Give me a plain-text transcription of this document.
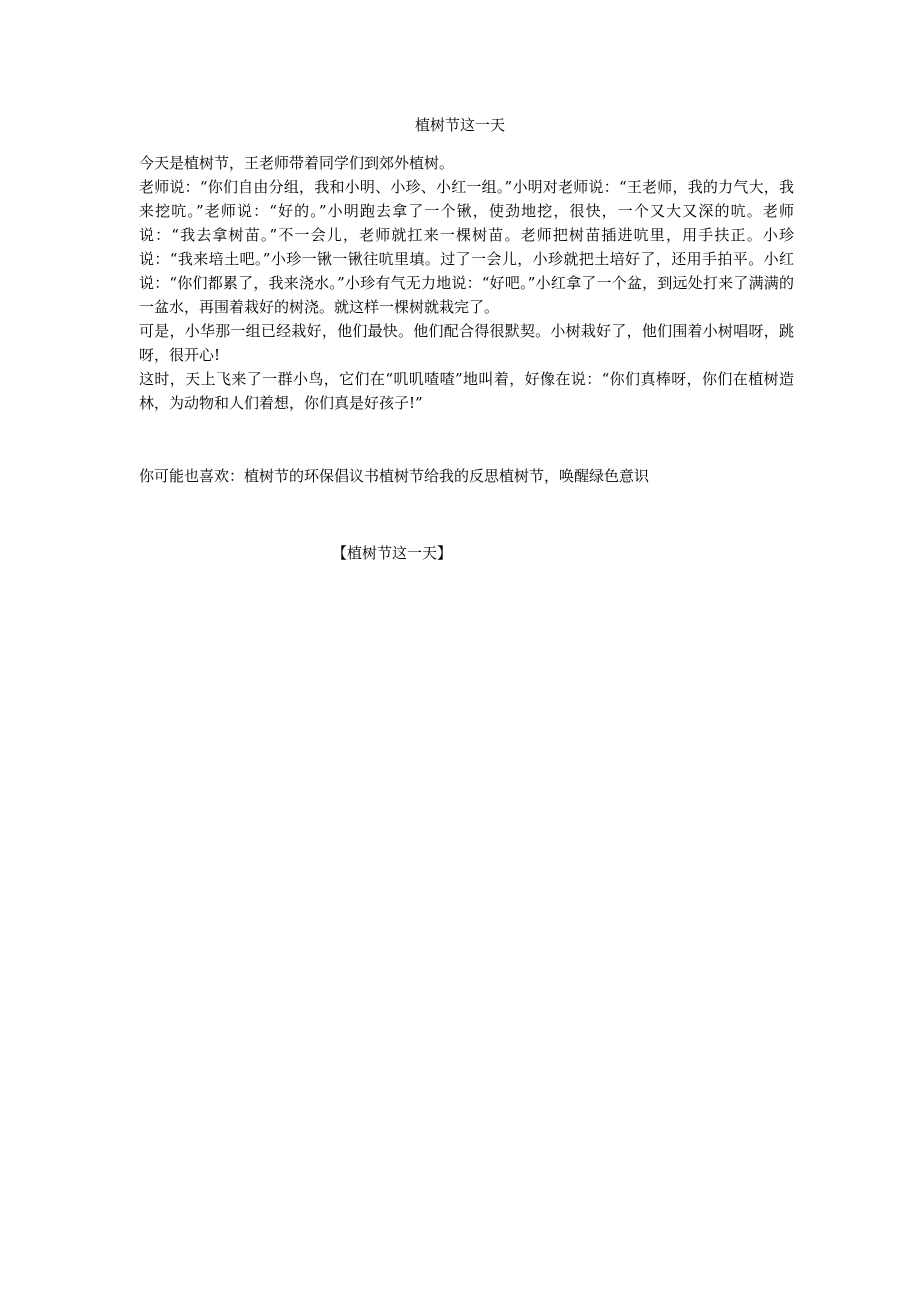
植树节这一天

今天是植树节，王老师带着同学们到郊外植树。

老师说：“你们自由分组，我和小明、小珍、小红一组。”小明对老师说：“王老师，我的力气大，我来挖吭。”老师说：“好的。”小明跑去拿了一个锹，使劲地挖，很快，一个又大又深的吭。老师说：“我去拿树苗。”不一会儿，老师就扛来一棵树苗。老师把树苗插进吭里，用手扶正。小珍说：“我来培土吧。”小珍一锹一锹往吭里填。过了一会儿，小珍就把土培好了，还用手拍平。小红说：“你们都累了，我来浇水。”小珍有气无力地说：“好吧。”小红拿了一个盆，到远处打来了满满的一盆水，再围着栽好的树浇。就这样一棵树就栽完了。

可是，小华那一组已经栽好，他们最快。他们配合得很默契。小树栽好了，他们围着小树唱呀，跳呀，很开心!

这时，天上飞来了一群小鸟，它们在“叽叽喳喳”地叫着，好像在说：“你们真棒呀，你们在植树造林，为动物和人们着想，你们真是好孩子!”

你可能也喜欢：植树节的环保倡议书植树节给我的反思植树节，唤醒绿色意识
【植树节这一天】
